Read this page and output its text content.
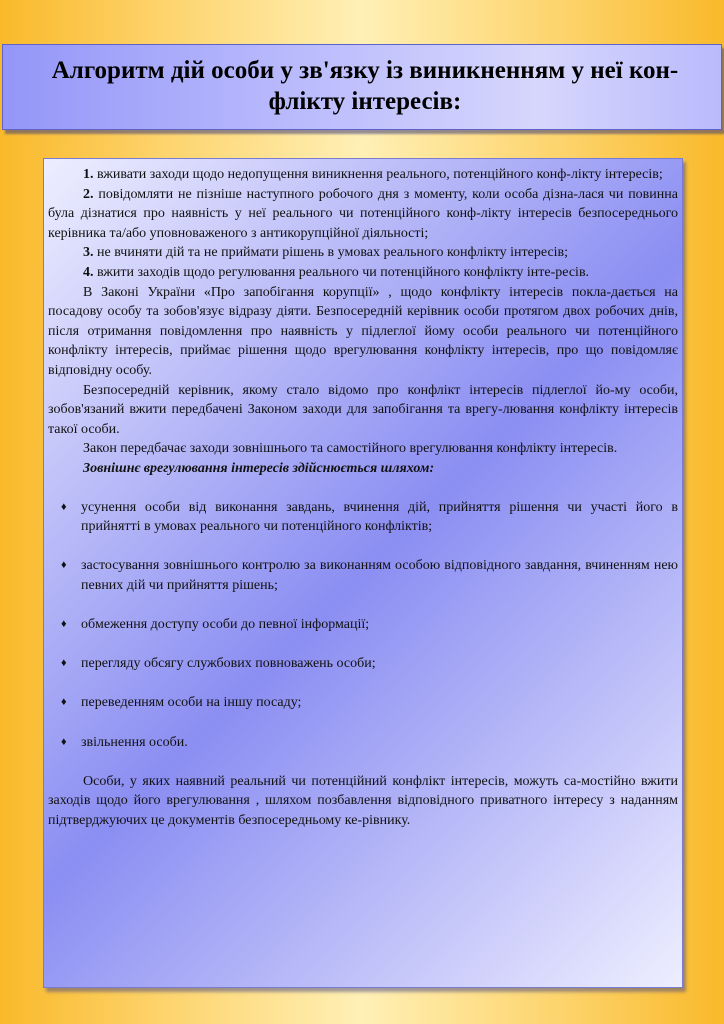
Алгоритм дій особи у зв'язку із виникненням у неї кон-флікту інтересів:

1. вживати заходи щодо недопущення виникнення реального, потенційного конф-лікту інтересів;

2. повідомляти не пізніше наступного робочого дня з моменту, коли особа дізна-лася чи повинна була дізнатися про наявність у неї реального чи потенційного конф-лікту інтересів безпосереднього керівника та/або уповноваженого з антикорупційної діяльності;

3. не вчиняти дій та не приймати рішень в умовах реального конфлікту інтересів;

4. вжити заходів щодо регулювання реального чи потенційного конфлікту інте-ресів.

В Законі України «Про запобігання корупції» , щодо конфлікту інтересів поклa-дається на посадову особу та зобов'язує відразу діяти. Безпосередній керівник особи протягом двох робочих днів, після отримання повідомлення про наявність у підлеглої йому особи реального чи потенційного конфлікту інтересів, приймає рішення щодо врегулювання конфлікту інтересів, про що повідомляє відповідну особу.

Безпосередній керівник, якому стало відомо про конфлікт інтересів підлеглої йо-му особи, зобов'язаний вжити передбачені Законом заходи для запобігання та врегу-лювання конфлікту інтересів такої особи.

Закон передбачає заходи зовнішнього та самостійного врегулювання конфлікту інтересів.

Зовнішнє врегулювання інтересів здійснюється шляхом:

♦ усунення особи від виконання завдань, вчинення дій, прийняття рішення чи участі його в прийнятті в умовах реального чи потенційного конфліктів;
♦ застосування зовнішнього контролю за виконанням особою відповідного завдання, вчиненням нею певних дій чи прийняття рішень;
♦ обмеження доступу особи до певної інформації;
♦ перегляду обсягу службових повноважень особи;
♦ переведенням особи на іншу посаду;
♦ звільнення особи.

Особи, у яких наявний реальний чи потенційний конфлікт інтересів, можуть са-мостійно вжити заходів щодо його врегулювання , шляхом позбавлення відповідного приватного інтересу з наданням підтверджуючих це документів безпосередньому ке-рівнику.
